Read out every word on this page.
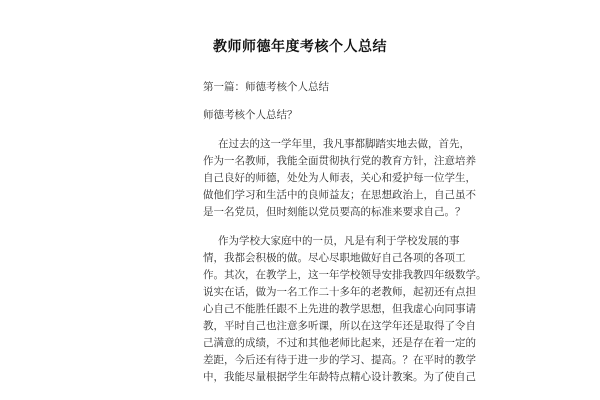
教师师德年度考核个人总结
第一篇：师德考核个人总结
师德考核个人总结？
在过去的这一学年里，我凡事都脚踏实地去做，首先，
作为一名教师，我能全面贯彻执行党的教育方针，注意培养
自己良好的师德，处处为人师表，关心和爱护每一位学生，
做他们学习和生活中的良师益友；在思想政治上，自己虽不
是一名党员，但时刻能以党员要高的标准来要求自己。？
作为学校大家庭中的一员，凡是有利于学校发展的事
情，我都会积极的做。尽心尽职地做好自己各项的各项工
作。其次，在教学上，这一年学校领导安排我教四年级数学。
说实在话，做为一名工作二十多年的老教师，起初还有点担
心自己不能胜任跟不上先进的教学思想，但我虚心向同事请
教，平时自己也注意多听课，所以在这学年还是取得了令自
己满意的成绩，不过和其他老师比起来，还是存在着一定的
差距，今后还有待于进一步的学习、提高。？在平时的教学
中，我能尽量根据学生年龄特点精心设计教案。为了使自己
